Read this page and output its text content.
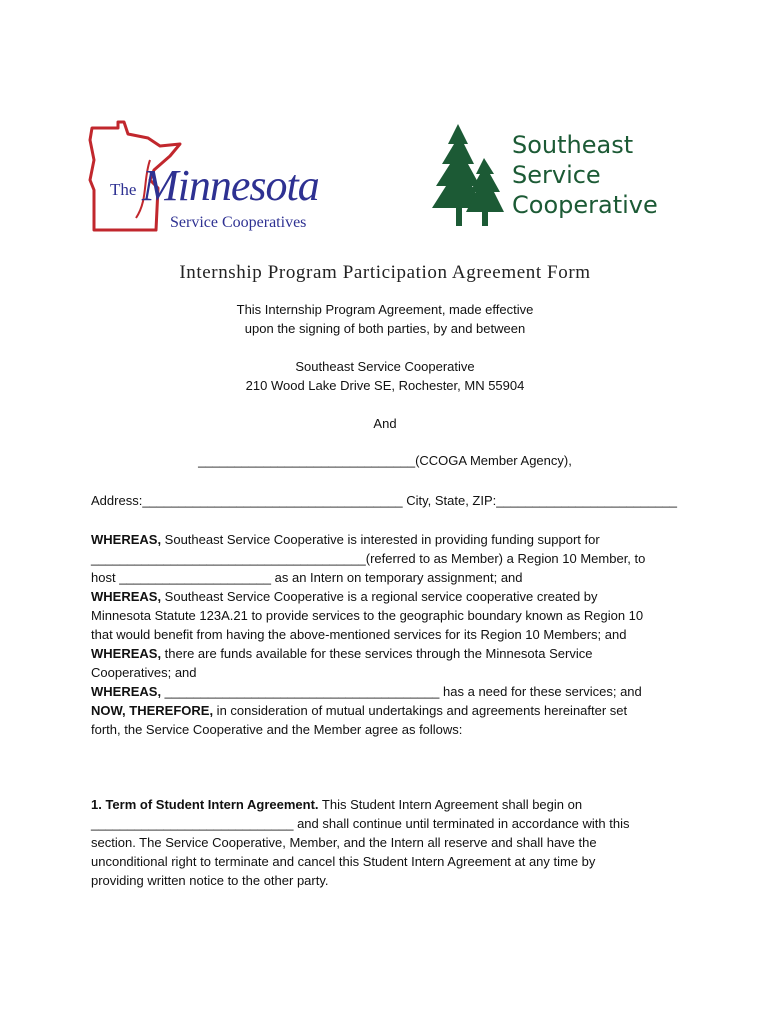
The Minnesota
Service Cooperatives
Southeast
Service
Cooperative
Internship Program Participation Agreement Form
This Internship Program Agreement, made effective
upon the signing of both parties, by and between
Southeast Service Cooperative
210 Wood Lake Drive SE, Rochester, MN 55904
And
______________________________(CCOGA Member Agency),

Address:____________________________________ City, State, ZIP:_________________________

WHEREAS, Southeast Service Cooperative is interested in providing funding support for

______________________________________(referred to as Member) a Region 10 Member, to

host _____________________ as an Intern on temporary assignment; and

WHEREAS, Southeast Service Cooperative is a regional service cooperative created by

Minnesota Statute 123A.21 to provide services to the geographic boundary known as Region 10

that would benefit from having the above-mentioned services for its Region 10 Members; and

WHEREAS, there are funds available for these services through the Minnesota Service

Cooperatives; and

WHEREAS, ______________________________________ has a need for these services; and

NOW, THEREFORE, in consideration of mutual undertakings and agreements hereinafter set

forth, the Service Cooperative and the Member agree as follows:

1. Term of Student Intern Agreement. This Student Intern Agreement shall begin on

____________________________ and shall continue until terminated in accordance with this

section. The Service Cooperative, Member, and the Intern all reserve and shall have the

unconditional right to terminate and cancel this Student Intern Agreement at any time by

providing written notice to the other party.
